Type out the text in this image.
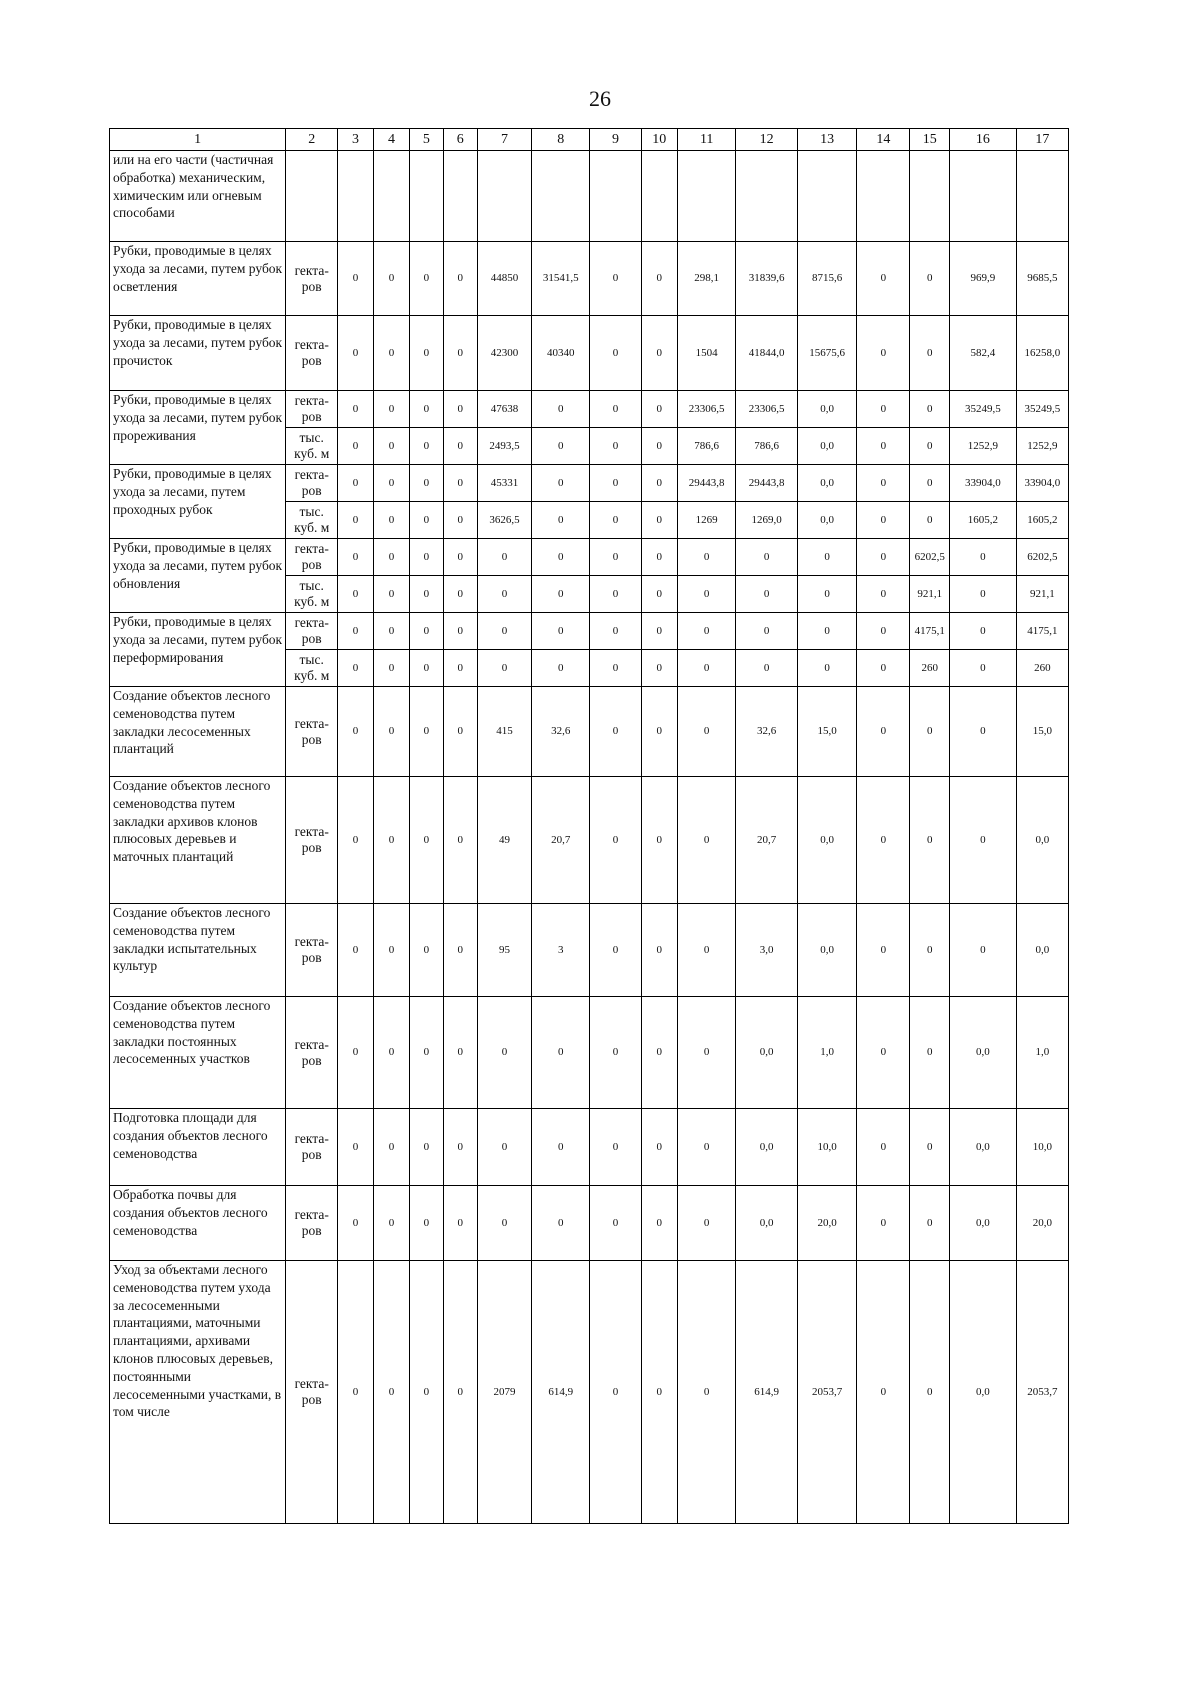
26
1	2	3	4	5	6	7	8	9	10	11	12	13	14	15	16	17
или на его части (частичная обработка) механическим, химическим или огневым способами																
Рубки, проводимые в целях ухода за лесами, путем рубок осветления	гекта-ров	0	0	0	0	44850	31541,5	0	0	298,1	31839,6	8715,6	0	0	969,9	9685,5
Рубки, проводимые в целях ухода за лесами, путем рубок прочисток	гекта-ров	0	0	0	0	42300	40340	0	0	1504	41844,0	15675,6	0	0	582,4	16258,0
Рубки, проводимые в целях ухода за лесами, путем рубок прореживания	гекта-ров	0	0	0	0	47638	0	0	0	23306,5	23306,5	0,0	0	0	35249,5	35249,5
	тыс. куб. м	0	0	0	0	2493,5	0	0	0	786,6	786,6	0,0	0	0	1252,9	1252,9
Рубки, проводимые в целях ухода за лесами, путем проходных рубок	гекта-ров	0	0	0	0	45331	0	0	0	29443,8	29443,8	0,0	0	0	33904,0	33904,0
	тыс. куб. м	0	0	0	0	3626,5	0	0	0	1269	1269,0	0,0	0	0	1605,2	1605,2
Рубки, проводимые в целях ухода за лесами, путем рубок обновления	гекта-ров	0	0	0	0	0	0	0	0	0	0	0	0	6202,5	0	6202,5
	тыс. куб. м	0	0	0	0	0	0	0	0	0	0	0	0	921,1	0	921,1
Рубки, проводимые в целях ухода за лесами, путем рубок переформирования	гекта-ров	0	0	0	0	0	0	0	0	0	0	0	0	4175,1	0	4175,1
	тыс. куб. м	0	0	0	0	0	0	0	0	0	0	0	0	260	0	260
Создание объектов лесного семеноводства путем закладки лесосеменных плантаций	гекта-ров	0	0	0	0	415	32,6	0	0	0	32,6	15,0	0	0	0	15,0
Создание объектов лесного семеноводства путем закладки архивов клонов плюсовых деревьев и маточных плантаций	гекта-ров	0	0	0	0	49	20,7	0	0	0	20,7	0,0	0	0	0	0,0
Создание объектов лесного семеноводства путем закладки испытательных культур	гекта-ров	0	0	0	0	95	3	0	0	0	3,0	0,0	0	0	0	0,0
Создание объектов лесного семеноводства путем закладки постоянных лесосеменных участков	гекта-ров	0	0	0	0	0	0	0	0	0	0,0	1,0	0	0	0,0	1,0
Подготовка площади для создания объектов лесного семеноводства	гекта-ров	0	0	0	0	0	0	0	0	0	0,0	10,0	0	0	0,0	10,0
Обработка почвы для создания объектов лесного семеноводства	гекта-ров	0	0	0	0	0	0	0	0	0	0,0	20,0	0	0	0,0	20,0
Уход за объектами лесного семеноводства путем ухода за лесосеменными плантациями, маточными плантациями, архивами клонов плюсовых деревьев, постоянными лесосеменными участками, в том числе	гекта-ров	0	0	0	0	2079	614,9	0	0	0	614,9	2053,7	0	0	0,0	2053,7
